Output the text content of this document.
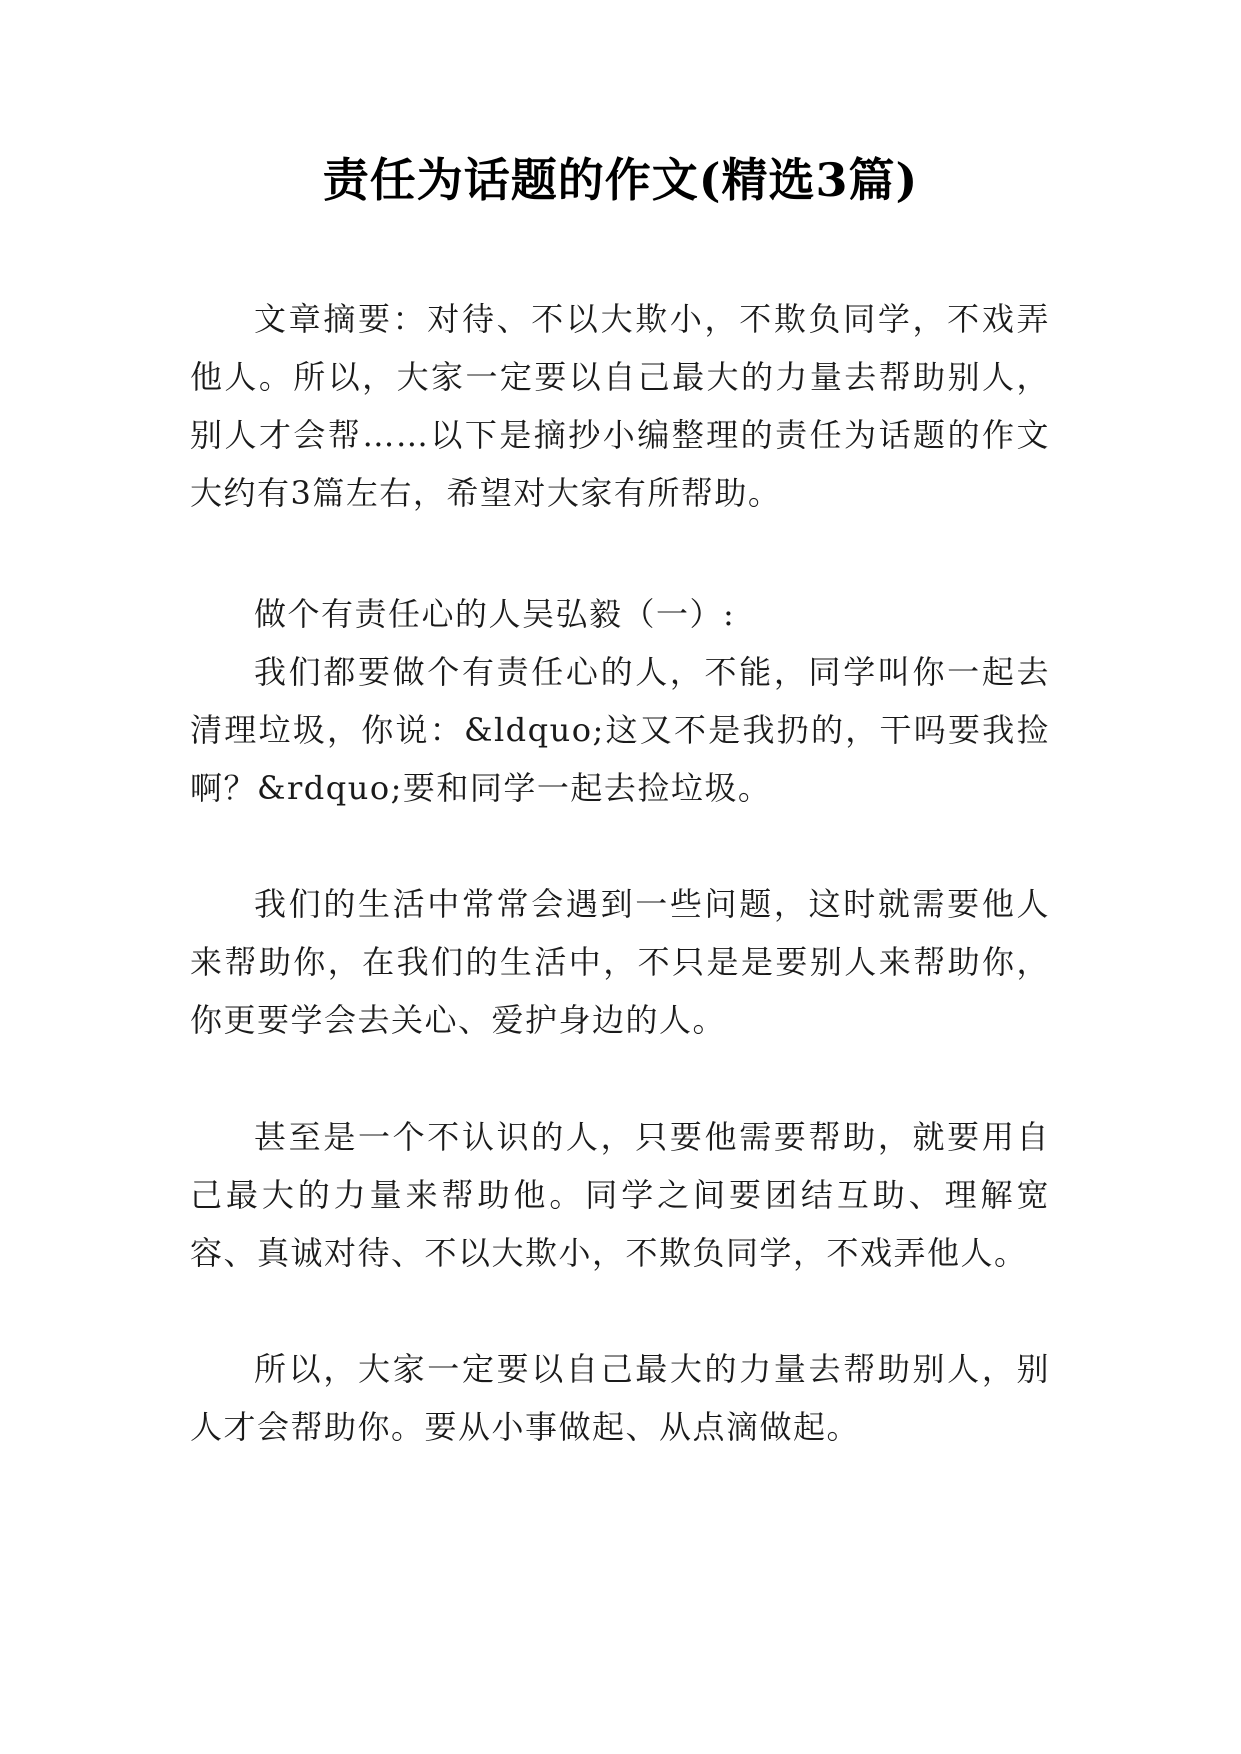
责任为话题的作文(精选3篇)

文章摘要：对待、不以大欺小，不欺负同学，不戏弄他人。所以，大家一定要以自己最大的力量去帮助别人，别人才会帮……以下是摘抄小编整理的责任为话题的作文大约有3篇左右，希望对大家有所帮助。

做个有责任心的人吴弘毅（一）:

我们都要做个有责任心的人，不能，同学叫你一起去清理垃圾，你说：&ldquo;这又不是我扔的，干吗要我捡啊？&rdquo;要和同学一起去捡垃圾。

我们的生活中常常会遇到一些问题，这时就需要他人来帮助你，在我们的生活中，不只是是要别人来帮助你，你更要学会去关心、爱护身边的人。

甚至是一个不认识的人，只要他需要帮助，就要用自己最大的力量来帮助他。同学之间要团结互助、理解宽容、真诚对待、不以大欺小，不欺负同学，不戏弄他人。

所以，大家一定要以自己最大的力量去帮助别人，别人才会帮助你。要从小事做起、从点滴做起。
